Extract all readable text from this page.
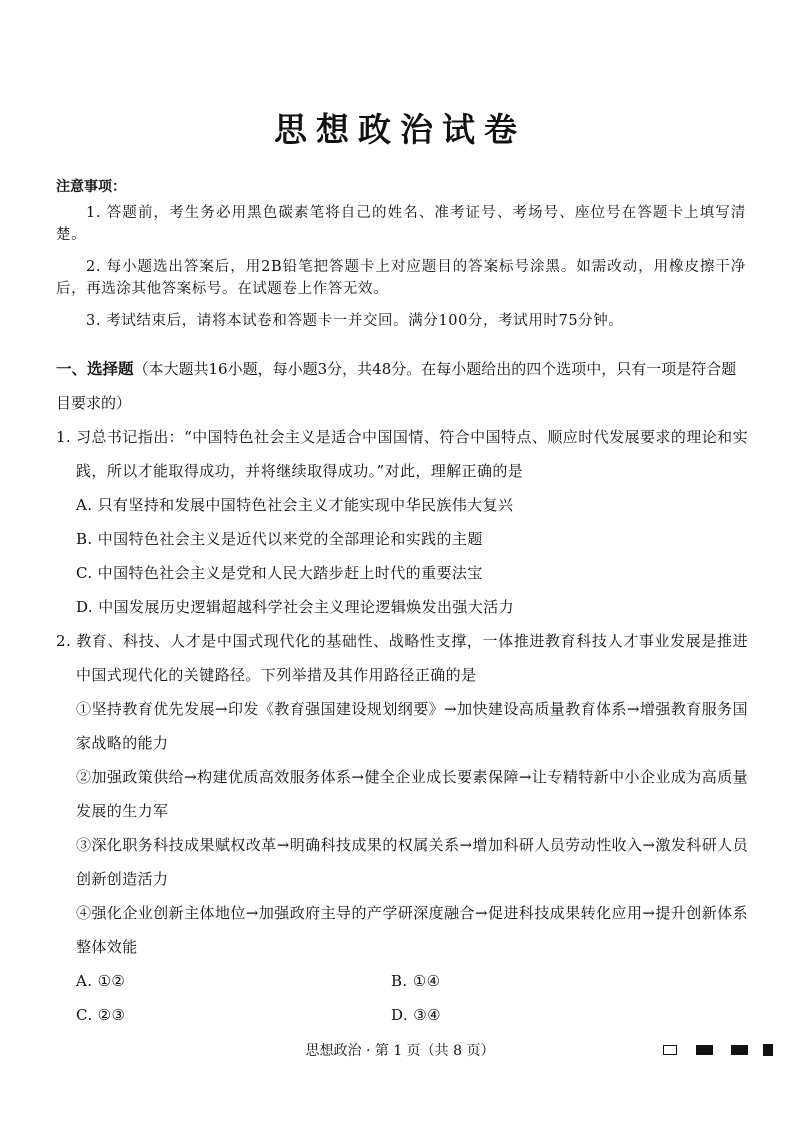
思想政治试卷
注意事项：

1. 答题前，考生务必用黑色碳素笔将自己的姓名、准考证号、考场号、座位号在答题卡上填写清楚。

2. 每小题选出答案后，用2B铅笔把答题卡上对应题目的答案标号涂黑。如需改动，用橡皮擦干净后，再选涂其他答案标号。在试题卷上作答无效。

3. 考试结束后，请将本试卷和答题卡一并交回。满分100分，考试用时75分钟。

一、选择题（本大题共16小题，每小题3分，共48分。在每小题给出的四个选项中，只有一项是符合题目要求的）
1. 习总书记指出：“中国特色社会主义是适合中国国情、符合中国特点、顺应时代发展要求的理论和实践，所以才能取得成功，并将继续取得成功。”对此，理解正确的是
A. 只有坚持和发展中国特色社会主义才能实现中华民族伟大复兴
B. 中国特色社会主义是近代以来党的全部理论和实践的主题
C. 中国特色社会主义是党和人民大踏步赶上时代的重要法宝
D. 中国发展历史逻辑超越科学社会主义理论逻辑焕发出强大活力
2. 教育、科技、人才是中国式现代化的基础性、战略性支撑，一体推进教育科技人才事业发展是推进中国式现代化的关键路径。下列举措及其作用路径正确的是
①坚持教育优先发展→印发《教育强国建设规划纲要》→加快建设高质量教育体系→增强教育服务国家战略的能力
②加强政策供给→构建优质高效服务体系→健全企业成长要素保障→让专精特新中小企业成为高质量发展的生力军
③深化职务科技成果赋权改革→明确科技成果的权属关系→增加科研人员劳动性收入→激发科研人员创新创造活力
④强化企业创新主体地位→加强政府主导的产学研深度融合→促进科技成果转化应用→提升创新体系整体效能
A. ①②	B. ①④
C. ②③	D. ③④
思想政治 · 第 1 页（共 8 页）
